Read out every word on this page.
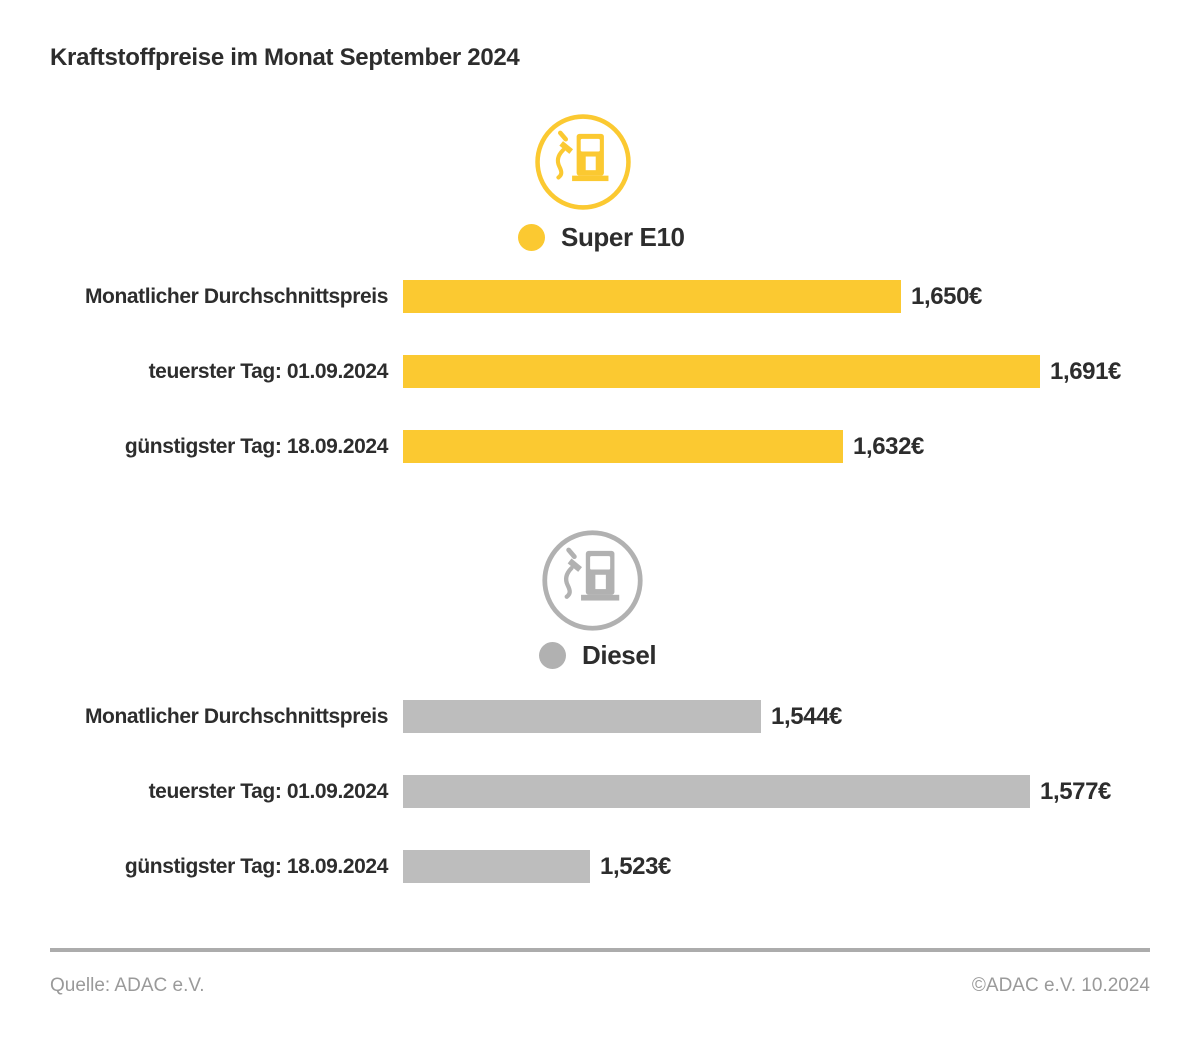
Kraftstoffpreise im Monat September 2024
Super E10
Monatlicher Durchschnittspreis	1,650€
teuerster Tag: 01.09.2024	1,691€
günstigster Tag: 18.09.2024	1,632€
Diesel
Monatlicher Durchschnittspreis	1,544€
teuerster Tag: 01.09.2024	1,577€
günstigster Tag: 18.09.2024	1,523€
Quelle: ADAC e.V.	©ADAC e.V. 10.2024
